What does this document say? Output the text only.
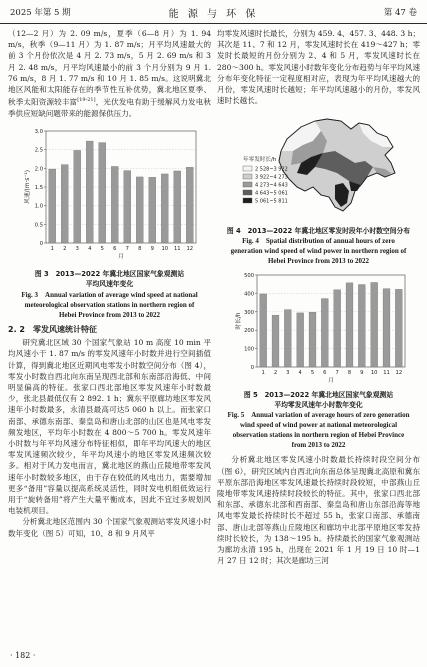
2025 年第 5 期	能 源 与 环 保	第 47 卷

（12—2 月）为 2. 09 m/s，夏季（6—8 月）为 1. 94 m/s，秋季（9—11 月）为 1. 87 m/s；月平均风速最大的前 3 个月份依次是 4 月 2. 73 m/s，5 月 2. 69 m/s 和 3 月 2. 48 m/s，月平均风速最小的前 3 个月分别为 9 月 1. 76 m/s，8 月 1. 77 m/s 和 10 月 1. 85 m/s。这说明冀北地区风能和太阳能存在的季节性互补优势，冀北地区夏季、秋季太阳资源较丰富[19-21]，光伏发电有助于缓解风力发电秋季供应短缺问题带来的能源保供压力。

0
0.5
1.0
1.5
2.0
2.5
3.0
1 2 3 4 5 6 7 8 9 10 11 12
月
风速/(m·s⁻¹)
图 3　2013—2022 年冀北地区国家气象观测站
平均风速年变化
Fig. 3　Annual variation of average wind speed at national meteorological observation stations in northern region of Hebei Province from 2013 to 2022
2. 2　零发风速统计特征

研究冀北区域 30 个国家气象站 10 m 高度 10 min 平均风速小于 1. 87 m/s 的零发风速年小时数并进行空间插值计算，得到冀北地区近期风电零发小时数空间分布（图 4），零发小时数自西北向东南呈现西北部和东南部沿海低、中间明显偏高的特征。张家口西北部地区零发风速年小时数最少，张北县最低仅有 2 892. 1 h；冀东平原廊坊地区零发风速年小时数最多，永清县最高可达5 060 h 以上。而张家口南部、承德东南部、秦皇岛和唐山北部的山区也是风电零发频发地区，平均年小时数在 4 800～5 700 h。零发风速年小时数与年平均风速分布特征相似，即年平均风速大的地区零发风速频次较少，年平均风速小的地区零发风速频次较多。相对于风力发电而言，冀北地区的燕山丘陵地带零发风速年小时数较多地区，由于存在较低的风电出力，需要增加更多“备用”容量以提高系统灵活性，同时发电机组低效运行用于“旋转备用”将产生大量平衡成本，因此不宜过多规划风电装机项目。

分析冀北地区范围内 30 个国家气象观测站零发风速小时数年变化（图 5）可知，10、8 和 9 月风平

均零发风速时长最长，分别为 459. 4、457. 3、448. 3 h；其次是 11、7 和 12 月，零发风速时长在 419～427 h；零发时长最短的月份分别为 2、4 和 5 月，零发风速时长在 280～300 h。零发风速小时数年变化分布趋势与年平均风速分布年变化特征一定程度相对应，表现为年平均风速越大的月份，零发风速时长越短；年平均风速越小的月份，零发风速时长越长。

年零发时长/h
2 528~3 922
3 922~4 273
4 273~4 643
4 643~5 061
5 061~5 811
图 4　2013—2022 年冀北地区零发时段年小时数空间分布
Fig. 4　Spatial distribution of annual hours of zero generation wind speed of wind power in northern region of Hebei Province from 2013 to 2022
0
100
200
300
400
500
1 2 3 4 5 6 7 8 9 10 11 12
月
时长/h
图 5　2013—2022 年冀北地区国家气象观测站
平均零发风速年小时数年变化
Fig. 5　Annual variation of average hours of zero generation wind speed of wind power at national meteorological observation stations in northern region of Hebei Province from 2013 to 2022

分析冀北地区零发风速小时数最长持续时段空间分布（图 6），研究区域内自西北向东南总体呈现冀北高原和冀东平原东部沿海地区零发风速最长持续时段较短，中部燕山丘陵地带零发风速持续时段较长的特征。其中，张家口西北部和东部、承德东北部和西南部、秦皇岛和唐山东部沿海等地风电零发最长持续时长不超过 55 h，张家口南部、承德南部、唐山北部等燕山丘陵地区和廊坊中北部平原地区零发持续时长较长，为 138～195 h。持续最长的国家气象观测站为廊坊永清 195 h，出现在 2021 年 1 月 19 日 10 时—1 月 27 日 12 时；其次是廊坊三河

· 182 ·
